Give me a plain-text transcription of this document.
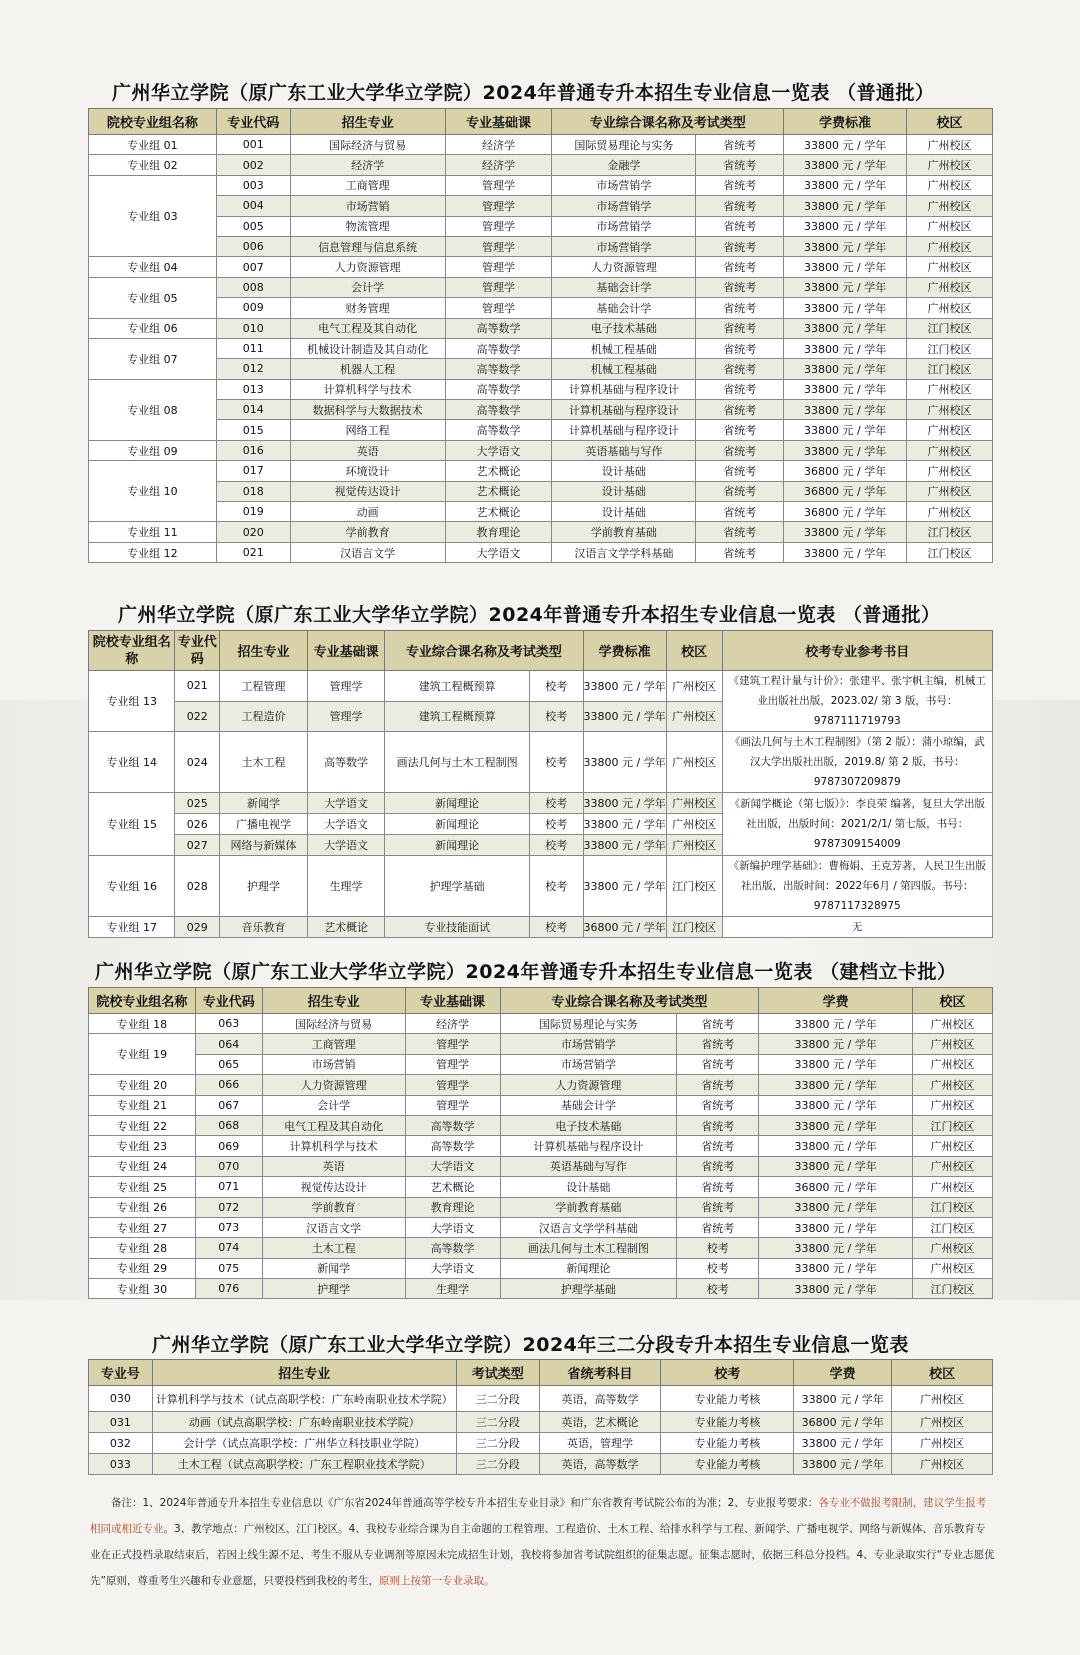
广州华立学院（原广东工业大学华立学院）2024年普通专升本招生专业信息一览表 （普通批）
院校专业组名称	专业代码	招生专业	专业基础课	专业综合课名称及考试类型		学费标准	校区
专业组 01	001	国际经济与贸易	经济学	国际贸易理论与实务	省统考	33800 元 / 学年	广州校区
专业组 02	002	经济学	经济学	金融学	省统考	33800 元 / 学年	广州校区
专业组 03	003	工商管理	管理学	市场营销学	省统考	33800 元 / 学年	广州校区
	004	市场营销	管理学	市场营销学	省统考	33800 元 / 学年	广州校区
	005	物流管理	管理学	市场营销学	省统考	33800 元 / 学年	广州校区
	006	信息管理与信息系统	管理学	市场营销学	省统考	33800 元 / 学年	广州校区
专业组 04	007	人力资源管理	管理学	人力资源管理	省统考	33800 元 / 学年	广州校区
专业组 05	008	会计学	管理学	基础会计学	省统考	33800 元 / 学年	广州校区
	009	财务管理	管理学	基础会计学	省统考	33800 元 / 学年	广州校区
专业组 06	010	电气工程及其自动化	高等数学	电子技术基础	省统考	33800 元 / 学年	江门校区
专业组 07	011	机械设计制造及其自动化	高等数学	机械工程基础	省统考	33800 元 / 学年	江门校区
	012	机器人工程	高等数学	机械工程基础	省统考	33800 元 / 学年	江门校区
专业组 08	013	计算机科学与技术	高等数学	计算机基础与程序设计	省统考	33800 元 / 学年	广州校区
	014	数据科学与大数据技术	高等数学	计算机基础与程序设计	省统考	33800 元 / 学年	广州校区
	015	网络工程	高等数学	计算机基础与程序设计	省统考	33800 元 / 学年	广州校区
专业组 09	016	英语	大学语文	英语基础与写作	省统考	33800 元 / 学年	广州校区
专业组 10	017	环境设计	艺术概论	设计基础	省统考	36800 元 / 学年	广州校区
	018	视觉传达设计	艺术概论	设计基础	省统考	36800 元 / 学年	广州校区
	019	动画	艺术概论	设计基础	省统考	36800 元 / 学年	广州校区
专业组 11	020	学前教育	教育理论	学前教育基础	省统考	33800 元 / 学年	江门校区
专业组 12	021	汉语言文学	大学语文	汉语言文学学科基础	省统考	33800 元 / 学年	江门校区
广州华立学院（原广东工业大学华立学院）2024年普通专升本招生专业信息一览表 （普通批）
院校专业组名称	专业代码	招生专业	专业基础课	专业综合课名称及考试类型		学费标准	校区	校考专业参考书目
专业组 13	021	工程管理	管理学	建筑工程概预算	校考	33800 元 / 学年	广州校区	《建筑工程计量与计价》：张建平、张宇帆主编，机械工业出版社出版，2023.02/ 第 3 版，书号：9787111719793
	022	工程造价	管理学	建筑工程概预算	校考	33800 元 / 学年	广州校区	
专业组 14	024	土木工程	高等数学	画法几何与土木工程制图	校考	33800 元 / 学年	广州校区	《画法几何与土木工程制图》（第 2 版）：蒲小琼编，武汉大学出版社出版，2019.8/ 第 2 版，书号：9787307209879
专业组 15	025	新闻学	大学语文	新闻理论	校考	33800 元 / 学年	广州校区	《新闻学概论（第七版）》：李良荣 编著，复旦大学出版社出版，出版时间：2021/2/1/ 第七版，书号：9787309154009
	026	广播电视学	大学语文	新闻理论	校考	33800 元 / 学年	广州校区	
	027	网络与新媒体	大学语文	新闻理论	校考	33800 元 / 学年	广州校区	
专业组 16	028	护理学	生理学	护理学基础	校考	33800 元 / 学年	江门校区	《新编护理学基础》：曹梅娟、王克芳著，人民卫生出版社出版，出版时间：2022年6月 / 第四版。书号：9787117328975
专业组 17	029	音乐教育	艺术概论	专业技能面试	校考	36800 元 / 学年	江门校区	无
广州华立学院（原广东工业大学华立学院）2024年普通专升本招生专业信息一览表 （建档立卡批）
院校专业组名称	专业代码	招生专业	专业基础课	专业综合课名称及考试类型		学费	校区
专业组 18	063	国际经济与贸易	经济学	国际贸易理论与实务	省统考	33800 元 / 学年	广州校区
专业组 19	064	工商管理	管理学	市场营销学	省统考	33800 元 / 学年	广州校区
	065	市场营销	管理学	市场营销学	省统考	33800 元 / 学年	广州校区
专业组 20	066	人力资源管理	管理学	人力资源管理	省统考	33800 元 / 学年	广州校区
专业组 21	067	会计学	管理学	基础会计学	省统考	33800 元 / 学年	广州校区
专业组 22	068	电气工程及其自动化	高等数学	电子技术基础	省统考	33800 元 / 学年	江门校区
专业组 23	069	计算机科学与技术	高等数学	计算机基础与程序设计	省统考	33800 元 / 学年	广州校区
专业组 24	070	英语	大学语文	英语基础与写作	省统考	33800 元 / 学年	广州校区
专业组 25	071	视觉传达设计	艺术概论	设计基础	省统考	36800 元 / 学年	广州校区
专业组 26	072	学前教育	教育理论	学前教育基础	省统考	33800 元 / 学年	江门校区
专业组 27	073	汉语言文学	大学语文	汉语言文学学科基础	省统考	33800 元 / 学年	江门校区
专业组 28	074	土木工程	高等数学	画法几何与土木工程制图	校考	33800 元 / 学年	广州校区
专业组 29	075	新闻学	大学语文	新闻理论	校考	33800 元 / 学年	广州校区
专业组 30	076	护理学	生理学	护理学基础	校考	33800 元 / 学年	江门校区
广州华立学院（原广东工业大学华立学院）2024年三二分段专升本招生专业信息一览表
专业号	招生专业	考试类型	省统考科目	校考	学费	校区
030	计算机科学与技术（试点高职学校：广东岭南职业技术学院）	三二分段	英语，高等数学	专业能力考核	33800 元 / 学年	广州校区
031	动画（试点高职学校：广东岭南职业技术学院）	三二分段	英语，艺术概论	专业能力考核	36800 元 / 学年	广州校区
032	会计学（试点高职学校：广州华立科技职业学院）	三二分段	英语，管理学	专业能力考核	33800 元 / 学年	广州校区
033	土木工程（试点高职学校：广东工程职业技术学院）	三二分段	英语，高等数学	专业能力考核	33800 元 / 学年	广州校区
备注：1、2024年普通专升本招生专业信息以《广东省2024年普通高等学校专升本招生专业目录》和广东省教育考试院公布的为准；2、专业报考要求：各专业不做报考限制，建议学生报考相同或相近专业。3、教学地点：广州校区、江门校区。4、我校专业综合课为自主命题的工程管理、工程造价、土木工程、给排水科学与工程、新闻学、广播电视学、网络与新媒体、音乐教育专业在正式投档录取结束后，若因上线生源不足、考生不服从专业调剂等原因未完成招生计划，我校将参加省考试院组织的征集志愿。征集志愿时，依据三科总分投档。4、专业录取实行“专业志愿优先”原则，尊重考生兴趣和专业意愿，只要投档到我校的考生，原则上按第一专业录取。
